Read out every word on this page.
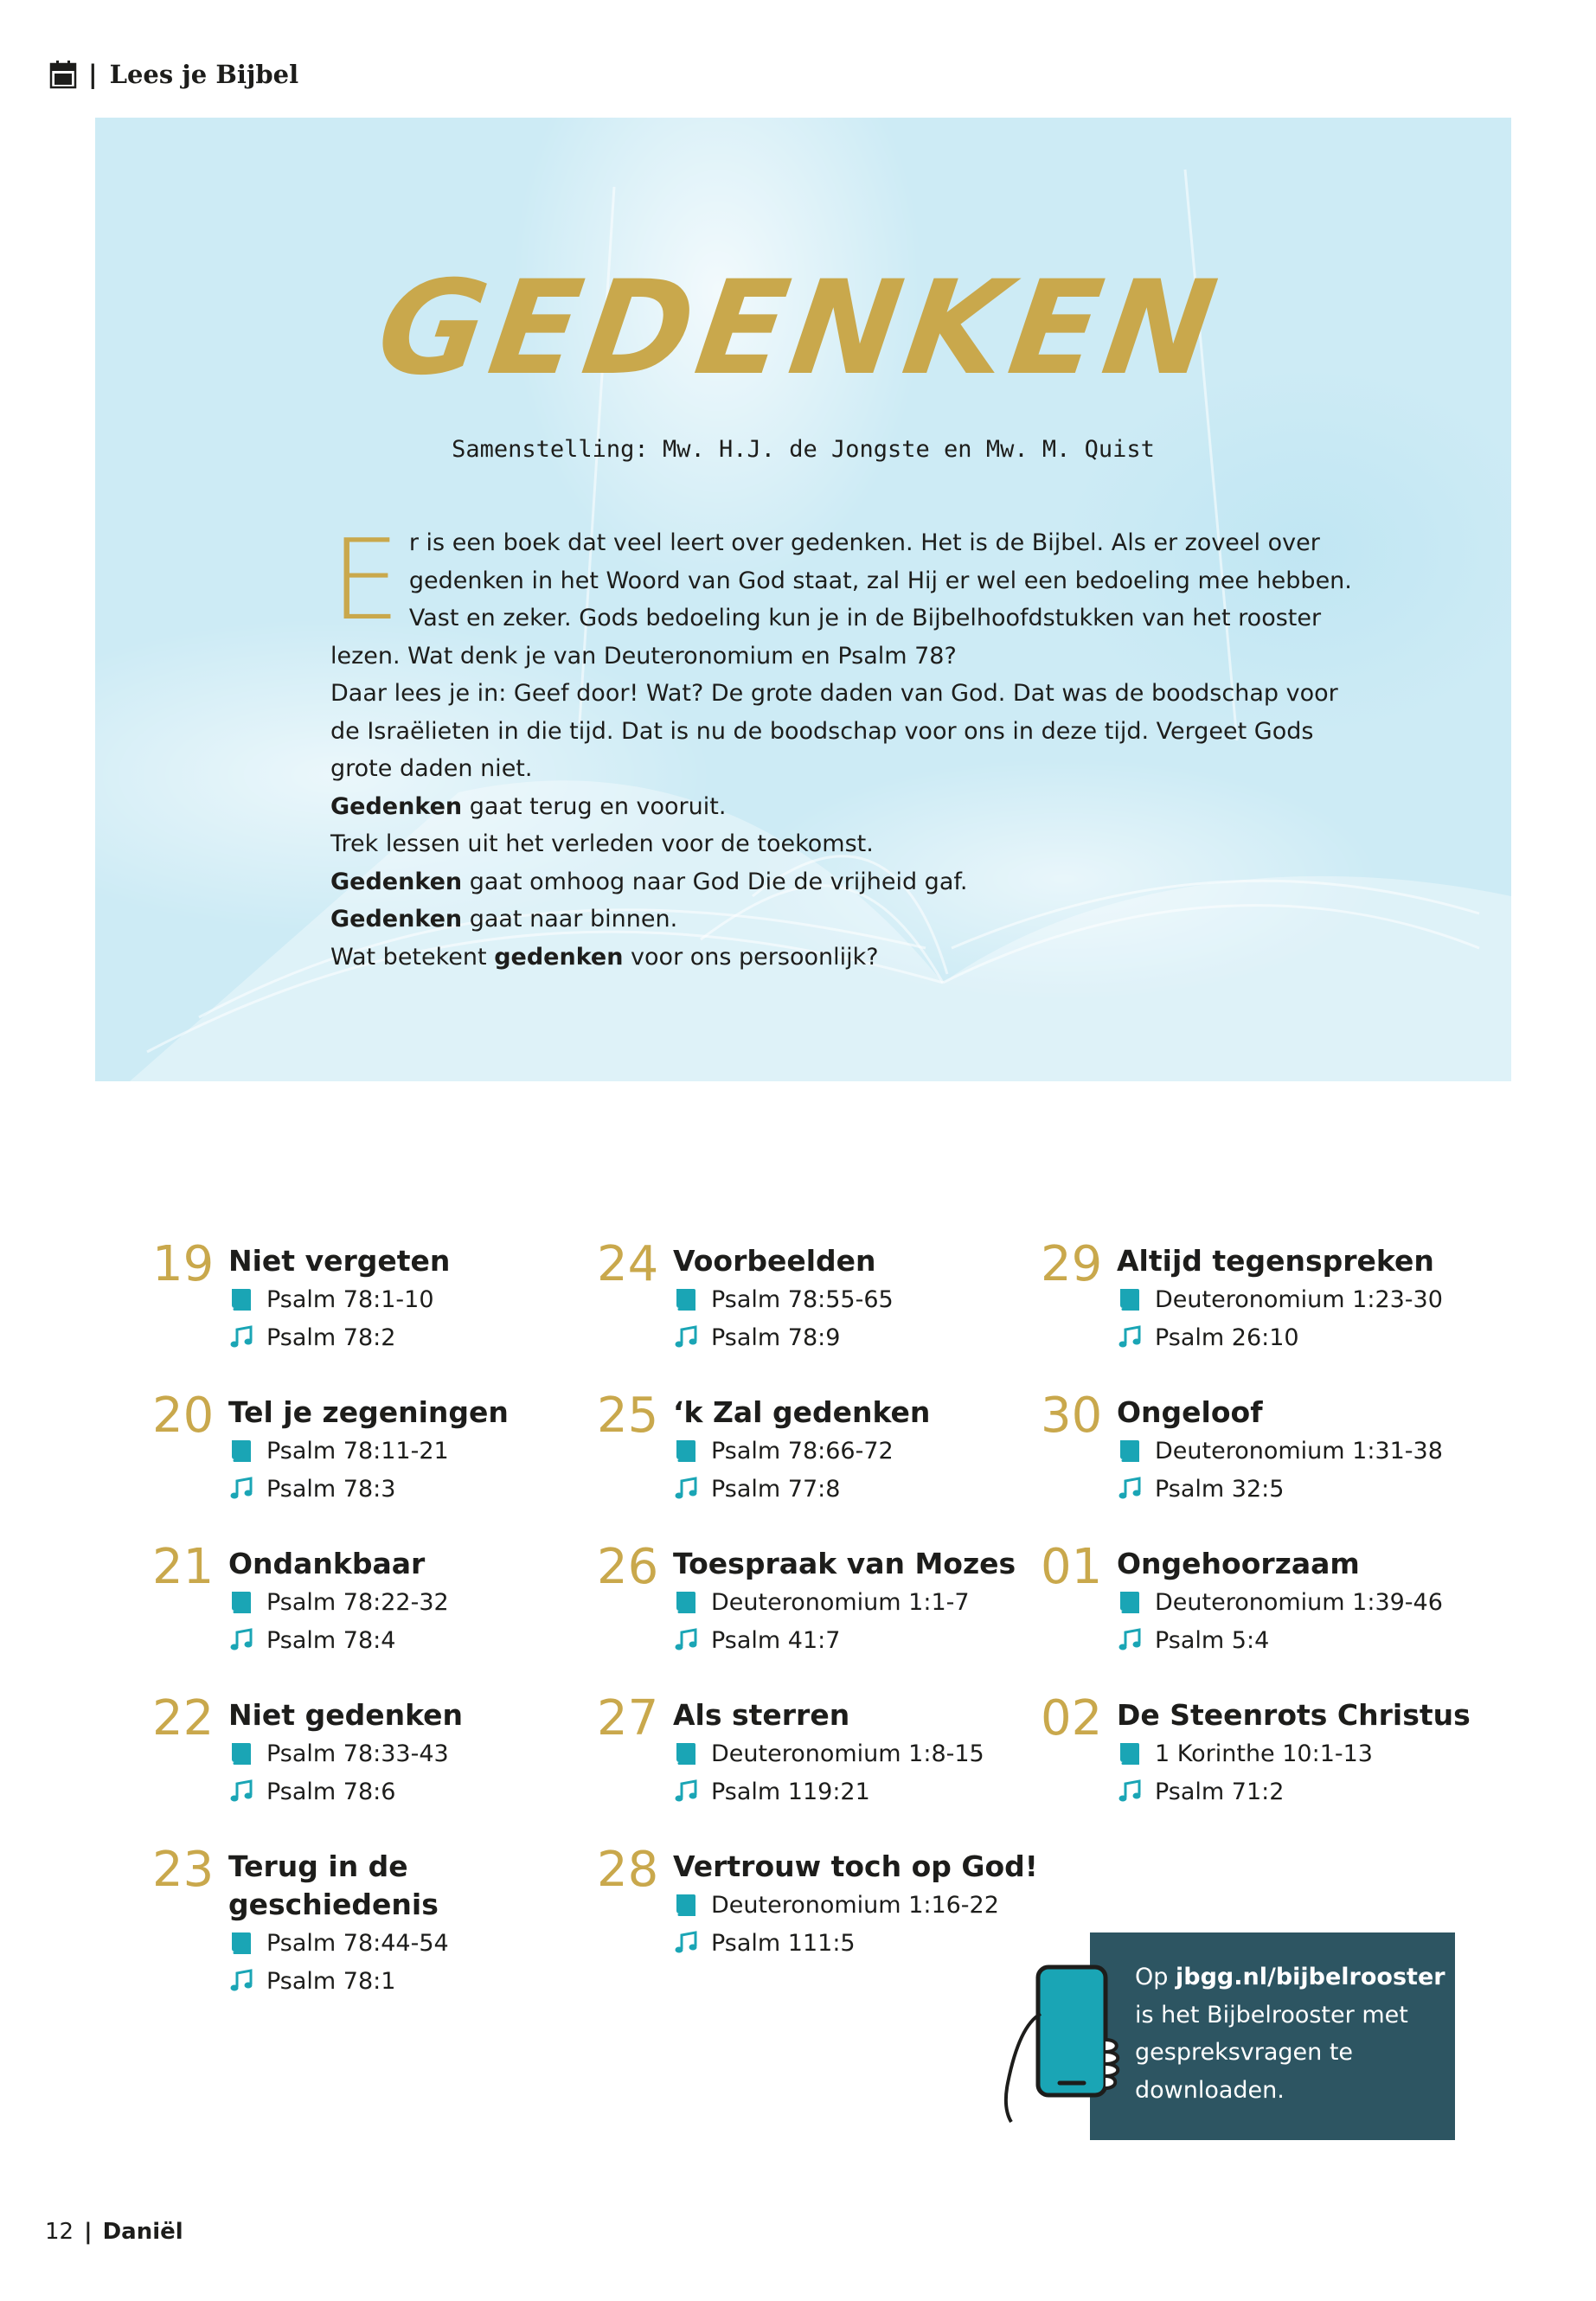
| Lees je Bijbel
GEDENKEN
Samenstelling: Mw. H.J. de Jongste en Mw. M. Quist
E r is een boek dat veel leert over gedenken. Het is de Bijbel. Als er zoveel over gedenken in het Woord van God staat, zal Hij er wel een bedoeling mee hebben. Vast en zeker. Gods bedoeling kun je in de Bijbelhoofdstukken van het rooster lezen. Wat denk je van Deuteronomium en Psalm 78?

Daar lees je in: Geef door! Wat? De grote daden van God. Dat was de boodschap voor de Israëlieten in die tijd. Dat is nu de boodschap voor ons in deze tijd. Vergeet Gods grote daden niet.

Gedenken gaat terug en vooruit.

Trek lessen uit het verleden voor de toekomst.

Gedenken gaat omhoog naar God Die de vrijheid gaf.

Gedenken gaat naar binnen.

Wat betekent gedenken voor ons persoonlijk?

19 Niet vergeten
Psalm 78:1-10
Psalm 78:2
20 Tel je zegeningen
Psalm 78:11-21
Psalm 78:3
21 Ondankbaar
Psalm 78:22-32
Psalm 78:4
22 Niet gedenken
Psalm 78:33-43
Psalm 78:6
23 Terug in de geschiedenis
Psalm 78:44-54
Psalm 78:1
24 Voorbeelden
Psalm 78:55-65
Psalm 78:9
25 ‘k Zal gedenken
Psalm 78:66-72
Psalm 77:8
26 Toespraak van Mozes
Deuteronomium 1:1-7
Psalm 41:7
27 Als sterren
Deuteronomium 1:8-15
Psalm 119:21
28 Vertrouw toch op God!
Deuteronomium 1:16-22
Psalm 111:5
29 Altijd tegenspreken
Deuteronomium 1:23-30
Psalm 26:10
30 Ongeloof
Deuteronomium 1:31-38
Psalm 32:5
01 Ongehoorzaam
Deuteronomium 1:39-46
Psalm 5:4
02 De Steenrots Christus
1 Korinthe 10:1-13
Psalm 71:2
Op jbgg.nl/bijbelrooster is het Bijbelrooster met gespreksvragen te downloaden.
12 | Daniël
